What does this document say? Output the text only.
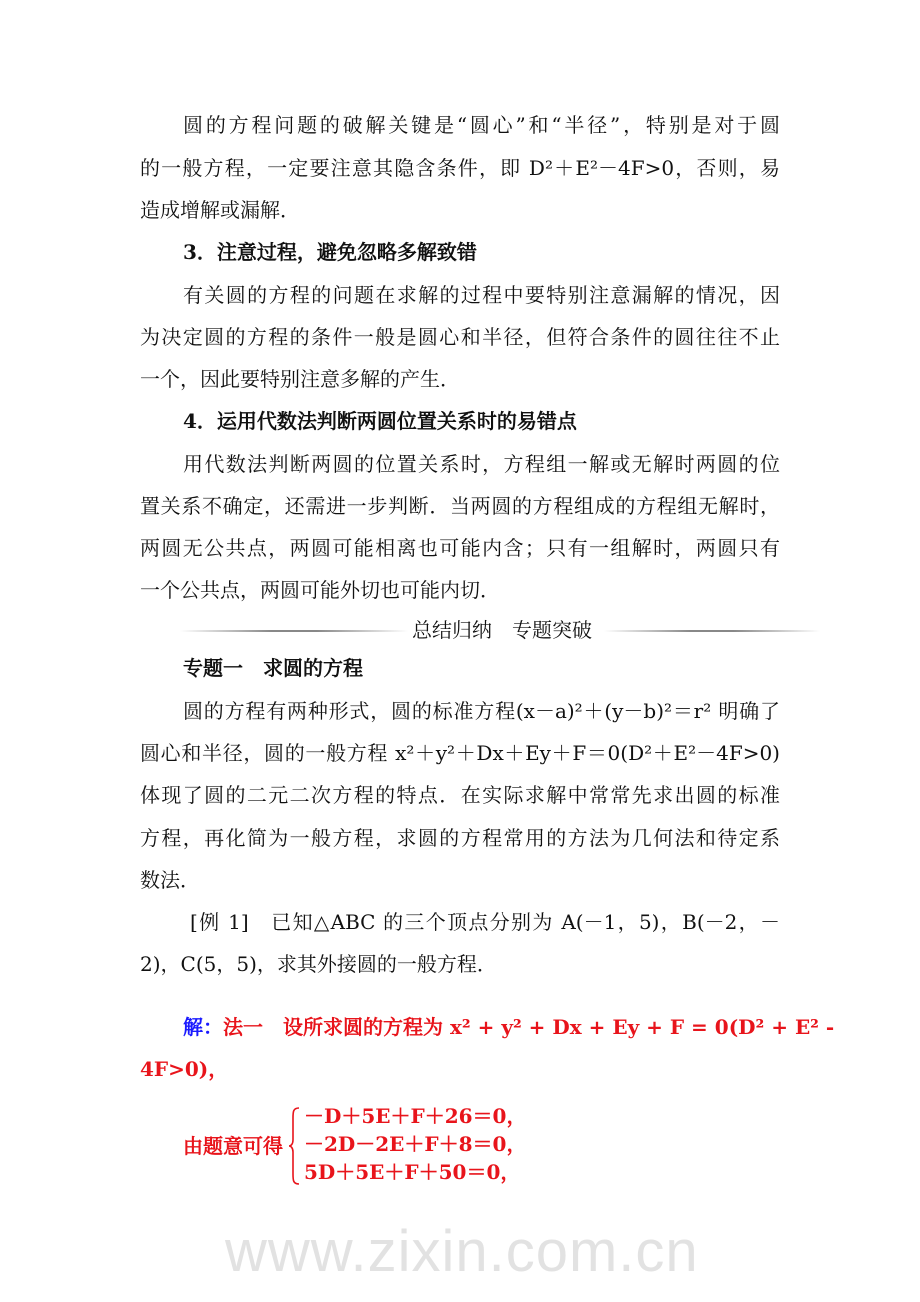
圆的方程问题的破解关键是“圆心”和“半径”，特别是对于圆
的一般方程，一定要注意其隐含条件，即 D²＋E²－4F>0，否则，易
造成增解或漏解．
3．注意过程，避免忽略多解致错
有关圆的方程的问题在求解的过程中要特别注意漏解的情况，因
为决定圆的方程的条件一般是圆心和半径，但符合条件的圆往往不止
一个，因此要特别注意多解的产生．
4．运用代数法判断两圆位置关系时的易错点
用代数法判断两圆的位置关系时，方程组一解或无解时两圆的位
置关系不确定，还需进一步判断．当两圆的方程组成的方程组无解时，
两圆无公共点，两圆可能相离也可能内含；只有一组解时，两圆只有
一个公共点，两圆可能外切也可能内切．
总结归纳　专题突破
专题一　求圆的方程
圆的方程有两种形式，圆的标准方程(x－a)²＋(y－b)²＝r² 明确了
圆心和半径，圆的一般方程 x²＋y²＋Dx＋Ey＋F＝0(D²＋E²－4F>0)
体现了圆的二元二次方程的特点．在实际求解中常常先求出圆的标准
方程，再化简为一般方程，求圆的方程常用的方法为几何法和待定系
数法．
[例 1]　已知△ABC 的三个顶点分别为 A(－1，5)，B(－2，－
2)，C(5，5)，求其外接圆的一般方程．
解：法一　设所求圆的方程为 x² + y² + Dx + Ey + F = 0(D² + E² -
4F>0)，
由题意可得
－D＋5E＋F＋26＝0，
－2D－2E＋F＋8＝0，
5D＋5E＋F＋50＝0，
www.zixin.com.cn
